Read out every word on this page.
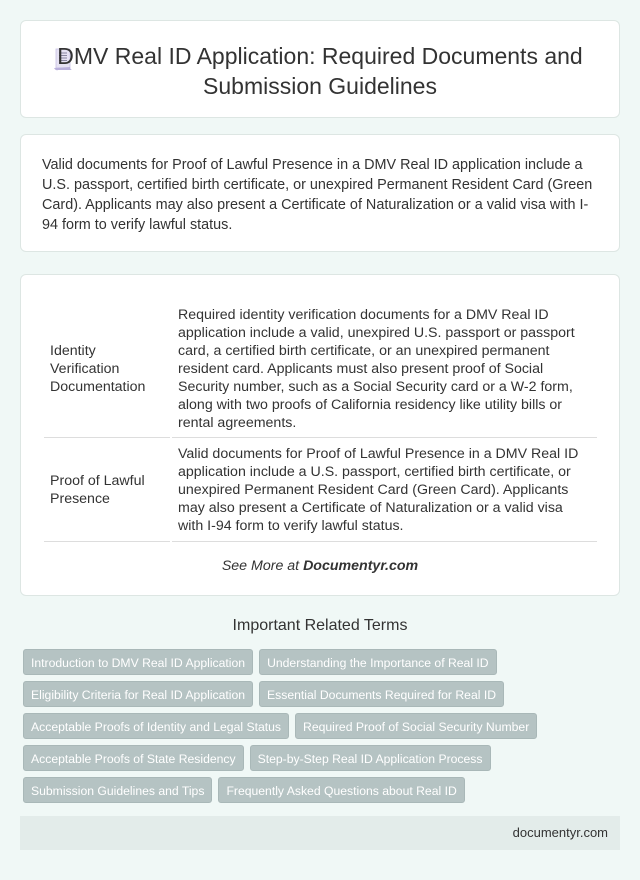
DMV Real ID Application: Required Documents and Submission Guidelines

Valid documents for Proof of Lawful Presence in a DMV Real ID application include a U.S. passport, certified birth certificate, or unexpired Permanent Resident Card (Green Card). Applicants may also present a Certificate of Naturalization or a valid visa with I-94 form to verify lawful status.

Identity Verification Documentation	Required identity verification documents for a DMV Real ID application include a valid, unexpired U.S. passport or passport card, a certified birth certificate, or an unexpired permanent resident card. Applicants must also present proof of Social Security number, such as a Social Security card or a W-2 form, along with two proofs of California residency like utility bills or rental agreements.
Proof of Lawful Presence	Valid documents for Proof of Lawful Presence in a DMV Real ID application include a U.S. passport, certified birth certificate, or unexpired Permanent Resident Card (Green Card). Applicants may also present a Certificate of Naturalization or a valid visa with I-94 form to verify lawful status.
See More at Documentyr.com
Important Related Terms
Introduction to DMV Real ID Application	Understanding the Importance of Real ID
Eligibility Criteria for Real ID Application	Essential Documents Required for Real ID
Acceptable Proofs of Identity and Legal Status	Required Proof of Social Security Number
Acceptable Proofs of State Residency	Step-by-Step Real ID Application Process
Submission Guidelines and Tips	Frequently Asked Questions about Real ID
documentyr.com
